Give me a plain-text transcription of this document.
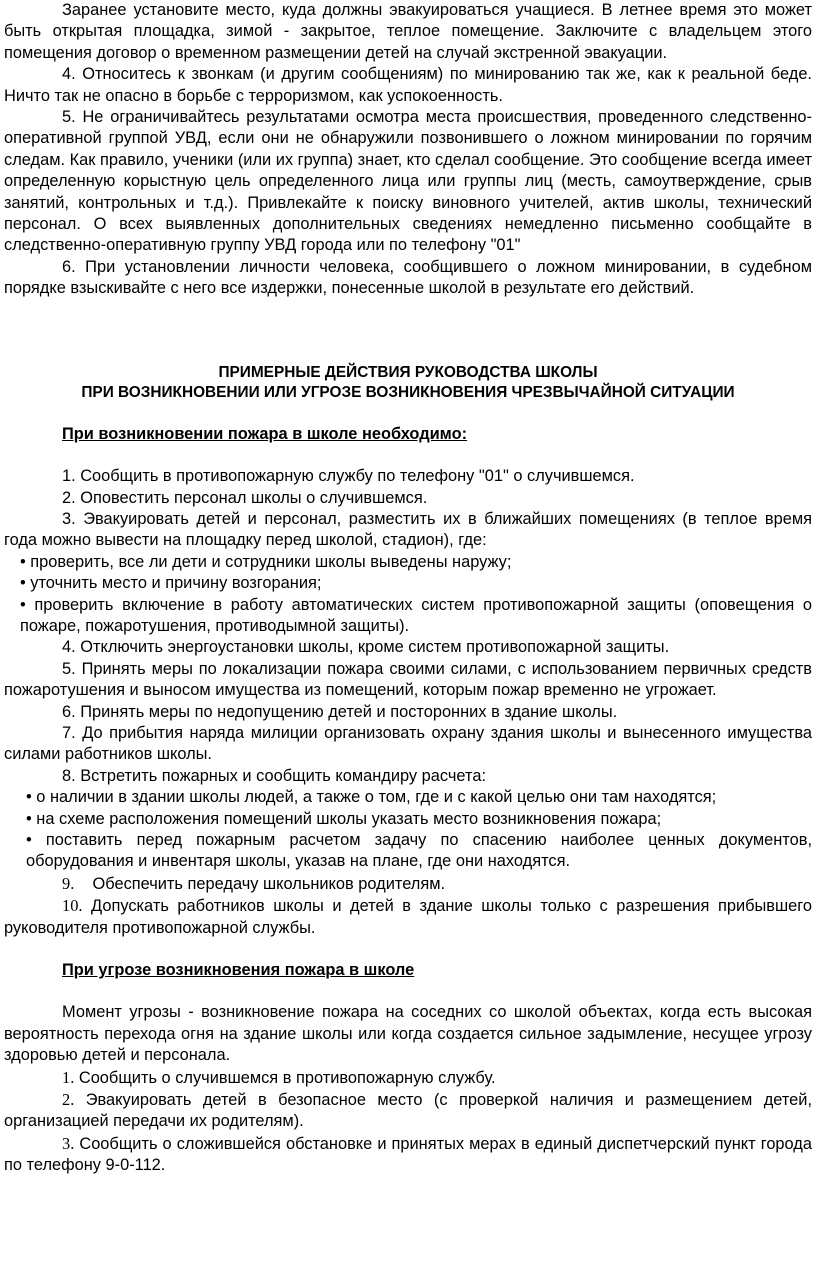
Заранее установите место, куда должны эвакуироваться учащиеся. В летнее время это может быть открытая площадка, зимой - закрытое, теплое помещение. Заключите с владельцем этого помещения договор о временном размещении детей на случай экстренной эвакуации.

4. Относитесь к звонкам (и другим сообщениям) по минированию так же, как к реальной беде. Ничто так не опасно в борьбе с терроризмом, как успокоенность.

5. Не ограничивайтесь результатами осмотра места происшествия, проведенного следственно-оперативной группой УВД, если они не обнаружили позвонившего о ложном минировании по горячим следам. Как правило, ученики (или их группа) знает, кто сделал сообщение. Это сообщение всегда имеет определенную корыстную цель определенного лица или группы лиц (месть, самоутверждение, срыв занятий, контрольных и т.д.). Привлекайте к поиску виновного учителей, актив школы, технический персонал. О всех выявленных дополнительных сведениях немедленно письменно сообщайте в следственно-оперативную группу УВД города или по телефону "01"

6. При установлении личности человека, сообщившего о ложном минировании, в судебном порядке взыскивайте с него все издержки, понесенные школой в результате его действий.

ПРИМЕРНЫЕ ДЕЙСТВИЯ РУКОВОДСТВА ШКОЛЫ

ПРИ ВОЗНИКНОВЕНИИ ИЛИ УГРОЗЕ ВОЗНИКНОВЕНИЯ ЧРЕЗВЫЧАЙНОЙ СИТУАЦИИ

При возникновении пожара в школе необходимо:

1. Сообщить в противопожарную службу по телефону "01" о случившемся.

2. Оповестить персонал школы о случившемся.

3. Эвакуировать детей и персонал, разместить их в ближайших помещениях (в теплое время года можно вывести на площадку перед школой, стадион), где:

• проверить, все ли дети и сотрудники школы выведены наружу;

• уточнить место и причину возгорания;

• проверить включение в работу автоматических систем противопожарной защиты (оповещения о пожаре, пожаротушения, противодымной защиты).

4. Отключить энергоустановки школы, кроме систем противопожарной защиты.

5. Принять меры по локализации пожара своими силами, с использованием первичных средств пожаротушения и выносом имущества из помещений, которым пожар временно не угрожает.

6. Принять меры по недопущению детей и посторонних в здание школы.

7. До прибытия наряда милиции организовать охрану здания школы и вынесенного имущества силами работников школы.

8. Встретить пожарных и сообщить командиру расчета:

• о наличии в здании школы людей, а также о том, где и с какой целью они там находятся;

• на схеме расположения помещений школы указать место возникновения пожара;

• поставить перед пожарным расчетом задачу по спасению наиболее ценных документов, оборудования и инвентаря школы, указав на плане, где они находятся.

9. Обеспечить передачу школьников родителям.

10. Допускать работников школы и детей в здание школы только с разрешения прибывшего руководителя противопожарной службы.

При угрозе возникновения пожара в школе

Момент угрозы - возникновение пожара на соседних со школой объектах, когда есть высокая вероятность перехода огня на здание школы или когда создается сильное задымление, несущее угрозу здоровью детей и персонала.

1. Сообщить о случившемся в противопожарную службу.

2. Эвакуировать детей в безопасное место (с проверкой наличия и размещением детей, организацией передачи их родителям).

3. Сообщить о сложившейся обстановке и принятых мерах в единый диспетчерский пункт города по телефону 9-0-112.
